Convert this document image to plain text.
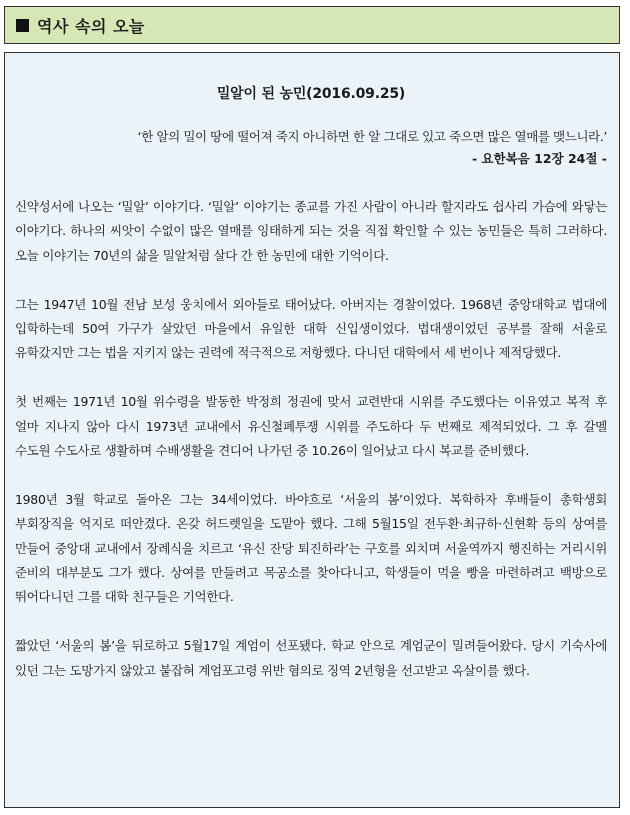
역사 속의 오늘
밀알이 된 농민(2016.09.25)
‘한 알의 밀이 땅에 떨어져 죽지 아니하면 한 알 그대로 있고 죽으면 많은 열매를 맺느니라.’
- 요한복음 12장 24절 -

신약성서에 나오는 ‘밀알’ 이야기다. ‘밀알’ 이야기는 종교를 가진 사람이 아니라 할지라도 쉽사리 가슴에 와닿는 이야기다. 하나의 씨앗이 수없이 많은 열매를 잉태하게 되는 것을 직접 확인할 수 있는 농민들은 특히 그러하다. 오늘 이야기는 70년의 삶을 밀알처럼 살다 간 한 농민에 대한 기억이다.

그는 1947년 10월 전남 보성 웅치에서 외아들로 태어났다. 아버지는 경찰이었다. 1968년 중앙대학교 법대에 입학하는데 50여 가구가 살았던 마을에서 유일한 대학 신입생이었다. 법대생이었던 공부를 잘해 서울로 유학갔지만 그는 법을 지키지 않는 권력에 적극적으로 저항했다. 다니던 대학에서 세 번이나 제적당했다.

첫 번째는 1971년 10월 위수령을 발동한 박정희 정권에 맞서 교련반대 시위를 주도했다는 이유였고 복적 후 얼마 지나지 않아 다시 1973년 교내에서 유신철폐투쟁 시위를 주도하다 두 번째로 제적되었다. 그 후 갈멜 수도원 수도사로 생활하며 수배생활을 견디어 나가던 중 10.26이 일어났고 다시 복교를 준비했다.

1980년 3월 학교로 돌아온 그는 34세이었다. 바야흐로 ‘서울의 봄’이었다. 복학하자 후배들이 총학생회 부회장직을 억지로 떠안겼다. 온갖 허드렛일을 도맡아 했다. 그해 5월15일 전두환·최규하·신현확 등의 상여를 만들어 중앙대 교내에서 장례식을 치르고 ‘유신 잔당 퇴진하라’는 구호를 외치며 서울역까지 행진하는 거리시위 준비의 대부분도 그가 했다. 상여를 만들려고 목공소를 찾아다니고, 학생들이 먹을 빵을 마련하려고 백방으로 뛰어다니던 그를 대학 친구들은 기억한다.

짧았던 ‘서울의 봄’을 뒤로하고 5월17일 계엄이 선포됐다. 학교 안으로 계엄군이 밀려들어왔다. 당시 기숙사에 있던 그는 도망가지 않았고 붙잡혀 계엄포고령 위반 혐의로 징역 2년형을 선고받고 옥살이를 했다.
